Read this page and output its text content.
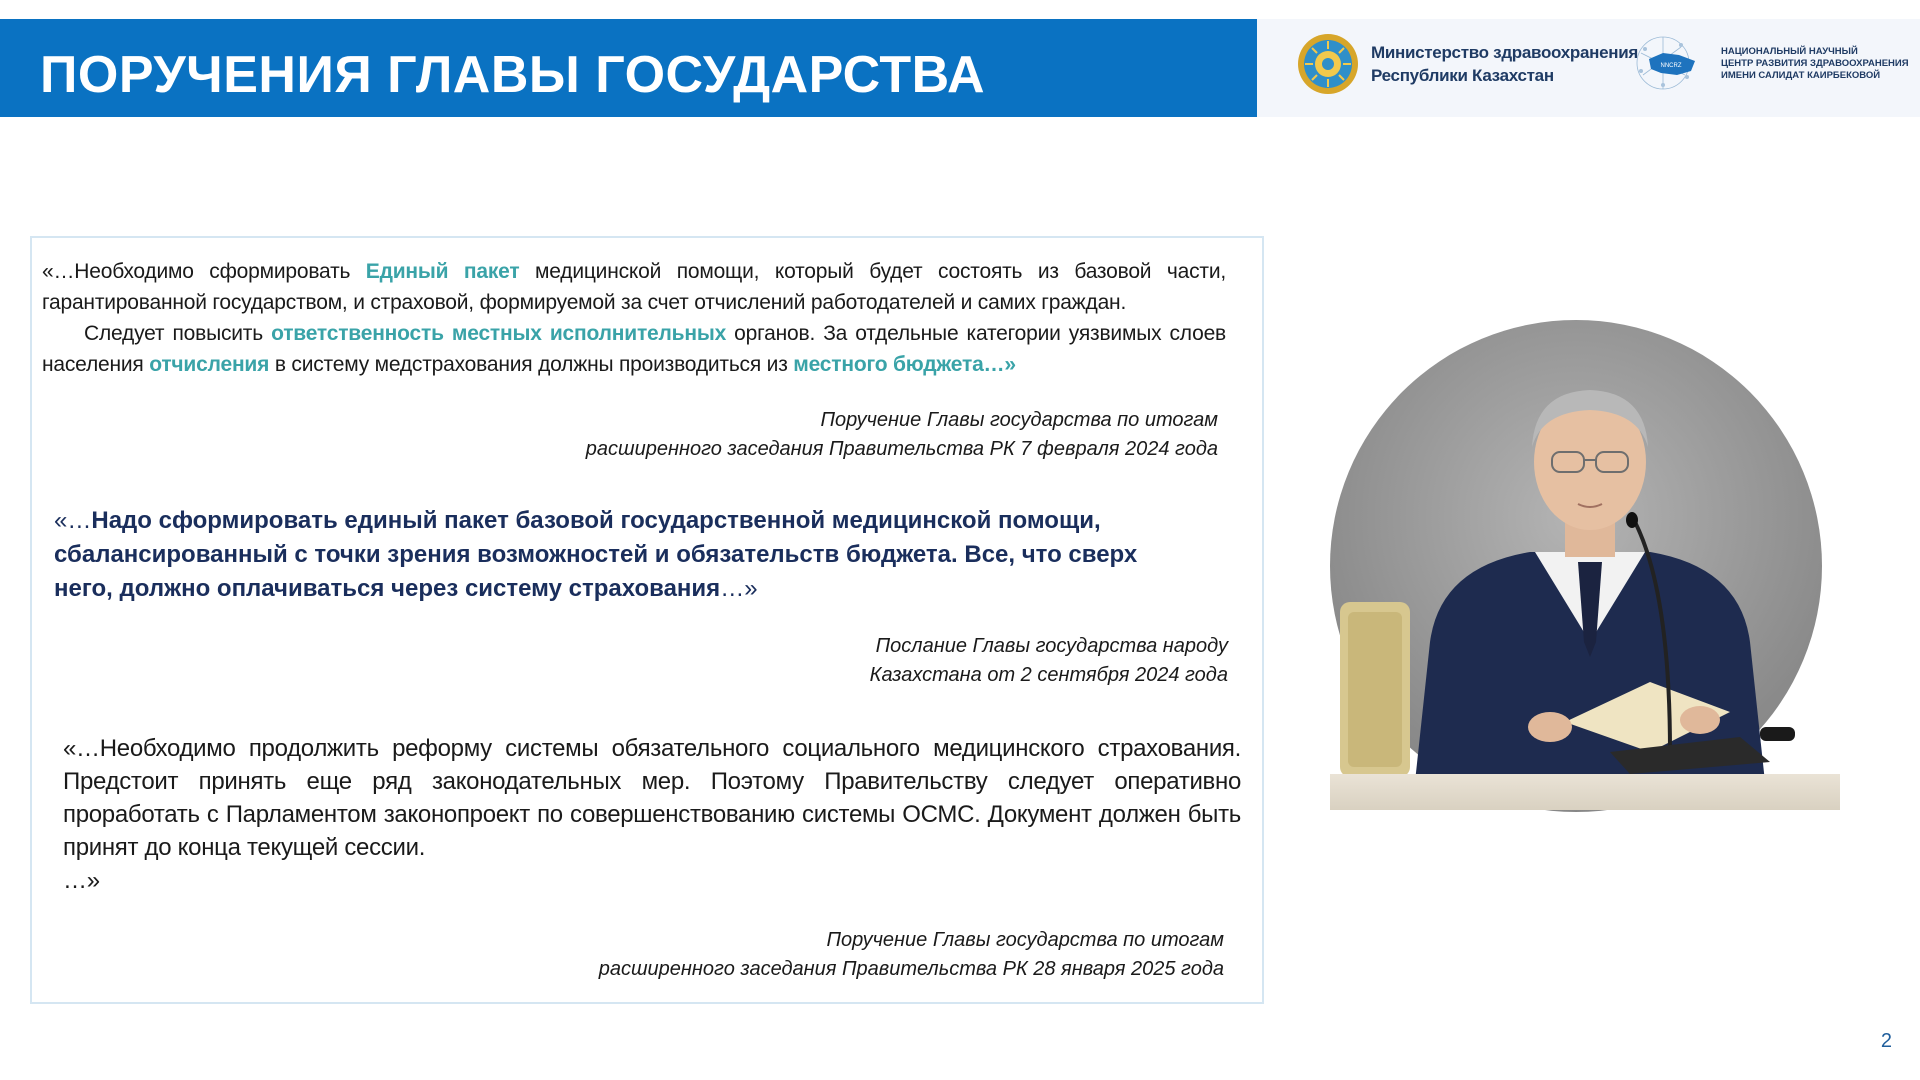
ПОРУЧЕНИЯ ГЛАВЫ ГОСУДАРСТВА	Министерство здравоохранения
Республики Казахстан	NNCRZ
НАЦИОНАЛЬНЫЙ НАУЧНЫЙ
ЦЕНТР РАЗВИТИЯ ЗДРАВООХРАНЕНИЯ
ИМЕНИ САЛИДАТ КАИРБЕКОВОЙ

«…Необходимо сформировать Единый пакет медицинской помощи, который будет состоять из базовой части, гарантированной государством, и страховой, формируемой за счет отчислений работодателей и самих граждан.

Следует повысить ответственность местных исполнительных органов. За отдельные категории уязвимых слоев населения отчисления в систему медстрахования должны производиться из местного бюджета…»

Поручение Главы государства по итогам
расширенного заседания Правительства РК 7 февраля 2024 года
«…Надо сформировать единый пакет базовой государственной медицинской помощи, сбалансированный с точки зрения возможностей и обязательств бюджета. Все, что сверх него, должно оплачиваться через систему страхования…»
Послание Главы государства народу
Казахстана от 2 сентября 2024 года

«…Необходимо продолжить реформу системы обязательного социального медицинского страхования. Предстоит принять еще ряд законодательных мер. Поэтому Правительству следует оперативно проработать с Парламентом законопроект по совершенствованию системы ОСМС. Документ должен быть принят до конца текущей сессии.

…»

Поручение Главы государства по итогам
расширенного заседания Правительства РК 28 января 2025 года
2
